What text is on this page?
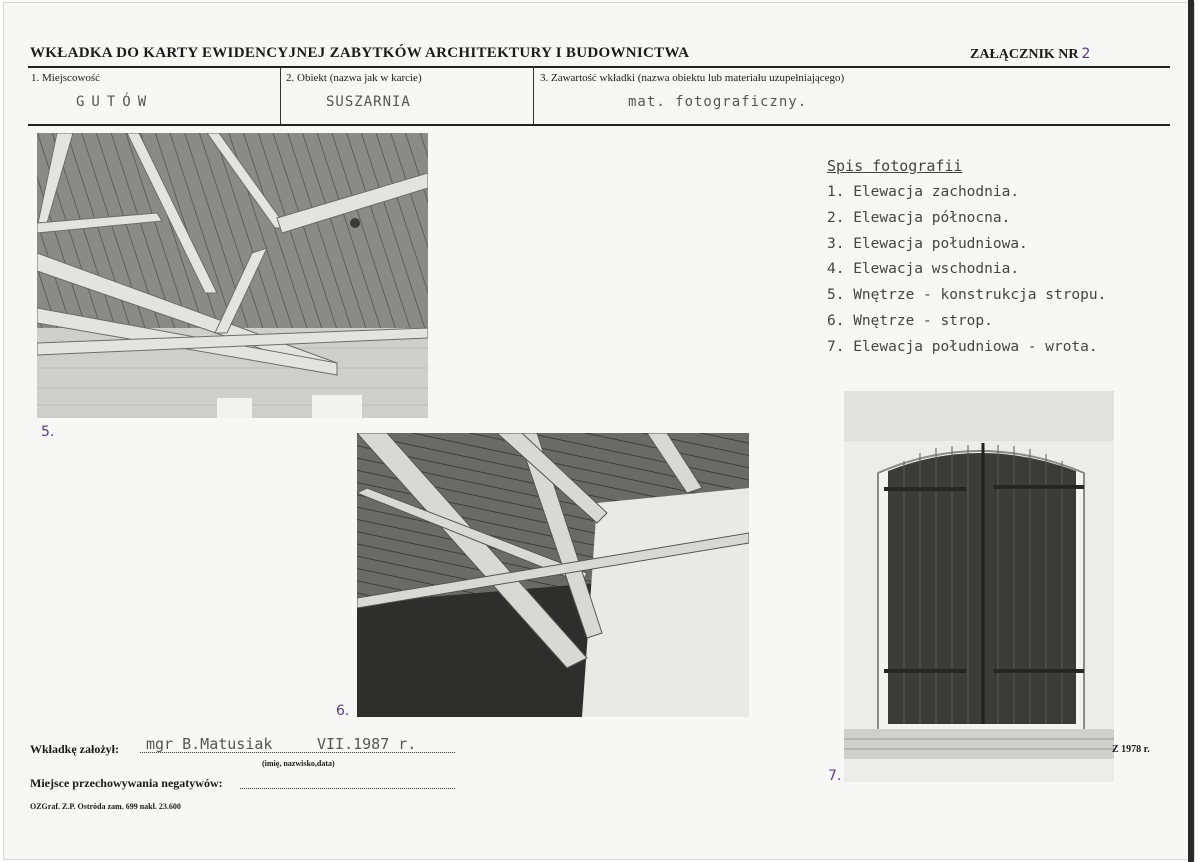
WKŁADKA DO KARTY EWIDENCYJNEJ ZABYTKÓW ARCHITEKTURY I BUDOWNICTWA	ZAŁĄCZNIK NR 2
1. Miejscowość
GUTÓW
2. Obiekt (nazwa jak w karcie)
SUSZARNIA
3. Zawartość wkładki (nazwa obiektu lub materiału uzupełniającego)
mat. fotograficzny.
5.
6.
7.
Spis fotografii
1. Elewacja zachodnia.
2. Elewacja północna.
3. Elewacja południowa.
4. Elewacja wschodnia.
5. Wnętrze - konstrukcja stropu.
6. Wnętrze - strop.
7. Elewacja południowa - wrota.
Wkładkę założył: mgr B.Matusiak	VII.1987 r.
(imię, nazwisko,data)
Miejsce przechowywania negatywów:
OZGraf. Z.P. Ostróda zam. 699 nakł. 23.600
Z 1978 r.
